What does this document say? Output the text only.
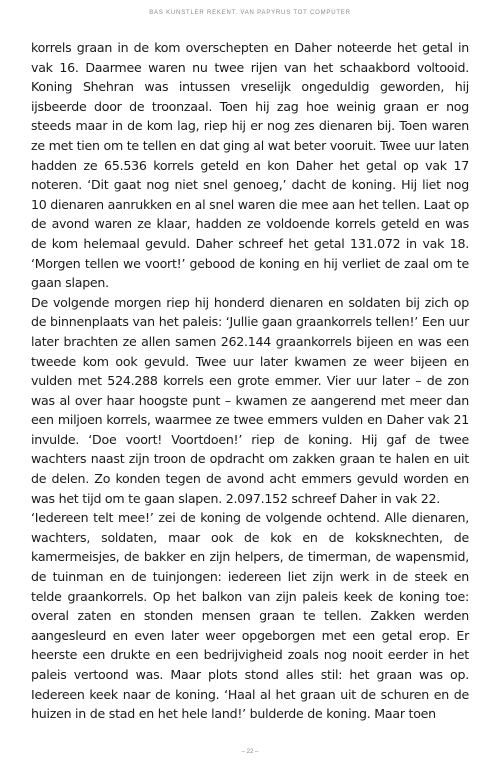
BAS KUNSTLER REKENT. VAN PAPYRUS TOT COMPUTER

korrels graan in de kom overschepten en Daher noteerde het getal in vak 16. Daarmee waren nu twee rijen van het schaakbord voltooid. Koning Shehran was intussen vreselijk ongeduldig geworden, hij ijsbeerde door de troonzaal. Toen hij zag hoe weinig graan er nog steeds maar in de kom lag, riep hij er nog zes dienaren bij. Toen waren ze met tien om te tellen en dat ging al wat beter vooruit. Twee uur laten hadden ze 65.536 korrels geteld en kon Daher het getal op vak 17 noteren. ‘Dit gaat nog niet snel genoeg,’ dacht de koning. Hij liet nog 10 dienaren aanrukken en al snel waren die mee aan het tellen. Laat op de avond waren ze klaar, hadden ze voldoende korrels geteld en was de kom helemaal gevuld. Daher schreef het getal 131.072 in vak 18. ‘Morgen tellen we voort!’ gebood de koning en hij verliet de zaal om te gaan slapen.

De volgende morgen riep hij honderd dienaren en soldaten bij zich op de binnenplaats van het paleis: ‘Jullie gaan graankorrels tellen!’ Een uur later brachten ze allen samen 262.144 graankorrels bijeen en was een tweede kom ook gevuld. Twee uur later kwamen ze weer bijeen en vulden met 524.288 korrels een grote emmer. Vier uur later – de zon was al over haar hoogste punt – kwamen ze aangerend met meer dan een miljoen korrels, waarmee ze twee emmers vulden en Daher vak 21 invulde. ‘Doe voort! Voortdoen!’ riep de koning. Hij gaf de twee wachters naast zijn troon de opdracht om zakken graan te halen en uit de delen. Zo konden tegen de avond acht emmers gevuld worden en was het tijd om te gaan slapen. 2.097.152 schreef Daher in vak 22.

‘Iedereen telt mee!’ zei de koning de volgende ochtend. Alle dienaren, wachters, soldaten, maar ook de kok en de koksknechten, de kamermeisjes, de bakker en zijn helpers, de timerman, de wapensmid, de tuinman en de tuinjongen: iedereen liet zijn werk in de steek en telde graankorrels. Op het balkon van zijn paleis keek de koning toe: overal zaten en stonden mensen graan te tellen. Zakken werden aangesleurd en even later weer opgeborgen met een getal erop. Er heerste een drukte en een bedrijvigheid zoals nog nooit eerder in het paleis vertoond was. Maar plots stond alles stil: het graan was op. Iedereen keek naar de koning. ‘Haal al het graan uit de schuren en de huizen in de stad en het hele land!’ bulderde de koning. Maar toen

– 22 –
